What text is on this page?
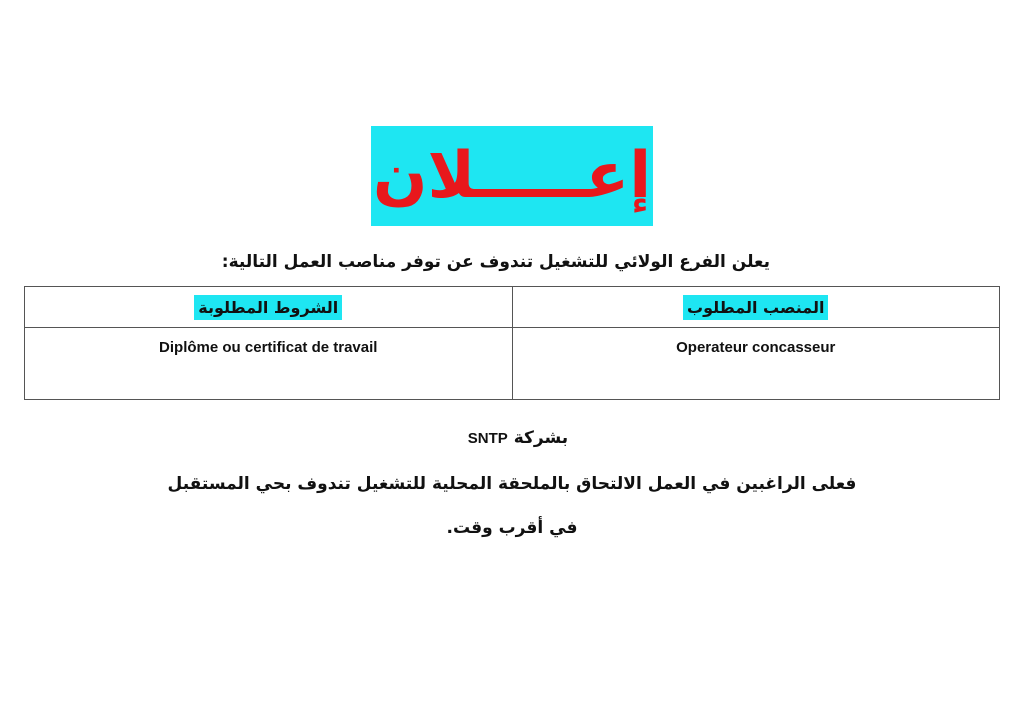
إعـــــلان
يعلن الفرع الولائي للتشغيل تندوف عن توفر مناصب العمل التالية:
الشروط المطلوبة	المنصب المطلوب
Diplôme ou certificat de travail	Operateur concasseur
بشركة SNTP
فعلى الراغبين في العمل الالتحاق بالملحقة المحلية للتشغيل تندوف بحي المستقبل
في أقرب وقت.
